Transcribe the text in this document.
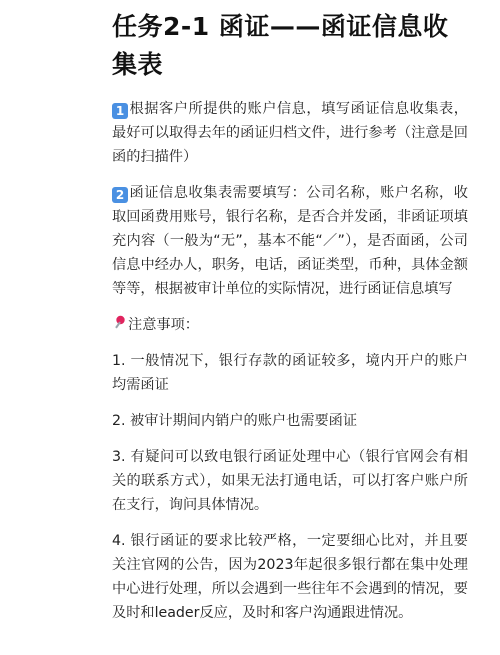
任务2-1 函证——函证信息收集表
1 根据客户所提供的账户信息，填写函证信息收集表，最好可以取得去年的函证归档文件，进行参考（注意是回函的扫描件）
2 函证信息收集表需要填写：公司名称，账户名称，收取回函费用账号，银行名称，是否合并发函，非函证项填充内容（一般为“无”，基本不能“／”），是否面函，公司信息中经办人，职务，电话，函证类型，币种，具体金额等等，根据被审计单位的实际情况，进行函证信息填写
注意事项：
1. 一般情况下，银行存款的函证较多，境内开户的账户均需函证
2. 被审计期间内销户的账户也需要函证
3. 有疑问可以致电银行函证处理中心（银行官网会有相关的联系方式），如果无法打通电话，可以打客户账户所在支行，询问具体情况。
4. 银行函证的要求比较严格，一定要细心比对，并且要关注官网的公告，因为2023年起很多银行都在集中处理中心进行处理，所以会遇到一些往年不会遇到的情况，要及时和leader反应，及时和客户沟通跟进情况。
